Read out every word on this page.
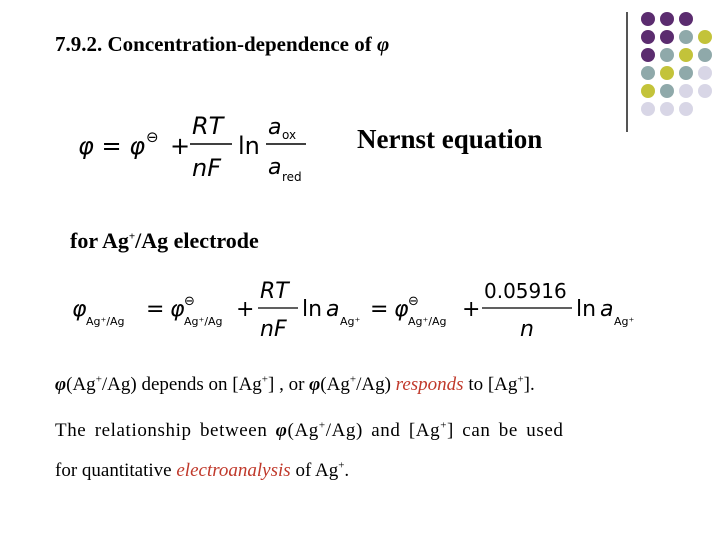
7.9.2. Concentration-dependence of φ
φ = φ ⊖ +
RT
nF
ln
a ox
a red
Nernst equation
for Ag+/Ag electrode
φ Ag⁺/Ag = φ ⊖
Ag⁺/Ag +
RT
nF
ln a Ag⁺ = φ ⊖
Ag⁺/Ag +
0.05916
n
ln a Ag⁺
φ(Ag+/Ag) depends on [Ag+] , or φ(Ag+/Ag) responds to [Ag+].
The relationship between φ(Ag+/Ag) and [Ag+] can be used
for quantitative electroanalysis of Ag+.
